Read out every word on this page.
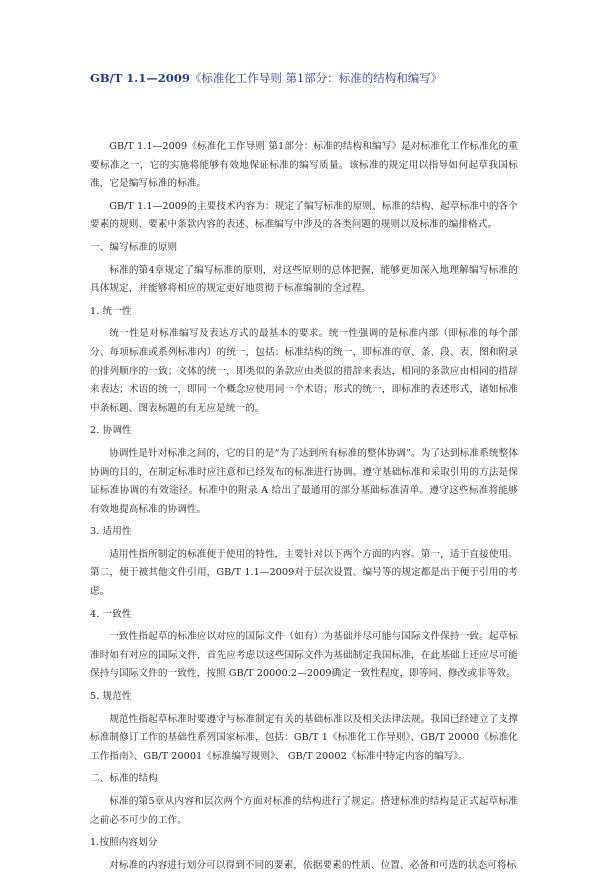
GB/T 1.1—2009《标准化工作导则 第1部分：标准的结构和编写》

GB/T 1.1—2009《标准化工作导则 第1部分：标准的结构和编写》是对标准化工作标准化的重要标准之一，它的实施将能够有效地保证标准的编写质量。该标准的规定用以指导如何起草我国标准，它是编写标准的标准。

GB/T 1.1—2009的主要技术内容为：规定了编写标准的原则、标准的结构、起草标准中的各个要素的规则、要素中条款内容的表述、标准编写中涉及的各类问题的规则以及标准的编排格式。

一、编写标准的原则

标准的第4章规定了编写标准的原则，对这些原则的总体把握，能够更加深入地理解编写标准的具体规定，并能够将相应的规定更好地贯彻于标准编制的全过程。

1. 统一性

统一性是对标准编写及表达方式的最基本的要求。统一性强调的是标准内部（即标准的每个部分、每项标准或系列标准内）的统一，包括：标准结构的统一，即标准的章、条、段、表、图和附录的排列顺序的一致；文体的统一，即类似的条款应由类似的措辞来表达，相同的条款应由相同的措辞来表达；术语的统一，即同一个概念应使用同一个术语；形式的统一，即标准的表述形式，诸如标准中条标题、图表标题的有无应是统一的。

2. 协调性

协调性是针对标准之间的，它的目的是“为了达到所有标准的整体协调”。为了达到标准系统整体协调的目的，在制定标准时应注意和已经发布的标准进行协调。遵守基础标准和采取引用的方法是保证标准协调的有效途径。标准中的附录 A 给出了最通用的部分基础标准清单。遵守这些标准将能够有效地提高标准的协调性。

3. 适用性

适用性指所制定的标准便于使用的特性，主要针对以下两个方面的内容。第一，适于直接使用。第二，便于被其他文件引用，GB/T 1.1—2009对于层次设置、编号等的规定都是出于便于引用的考虑。

4. 一致性

一致性指起草的标准应以对应的国际文件（如有）为基础并尽可能与国际文件保持一致。起草标准时如有对应的国际文件，首先应考虑以这些国际文件为基础制定我国标准，在此基础上还应尽可能保持与国际文件的一致性，按照 GB/T 20000.2—2009确定一致性程度，即等同、修改或非等效。

5. 规范性

规范性指起草标准时要遵守与标准制定有关的基础标准以及相关法律法规。我国已经建立了支撑标准制修订工作的基础性系列国家标准，包括：GB/T 1《标准化工作导则》、GB/T 20000《标准化工作指南》、GB/T 20001《标准编写规则》、 GB/T 20002《标准中特定内容的编写》。

二、标准的结构

标准的第5章从内容和层次两个方面对标准的结构进行了规定。搭建标准的结构是正式起草标准之前必不可少的工作。

1.按照内容划分

对标准的内容进行划分可以得到不同的要素，依据要素的性质、位置、必备和可选的状态可将标
